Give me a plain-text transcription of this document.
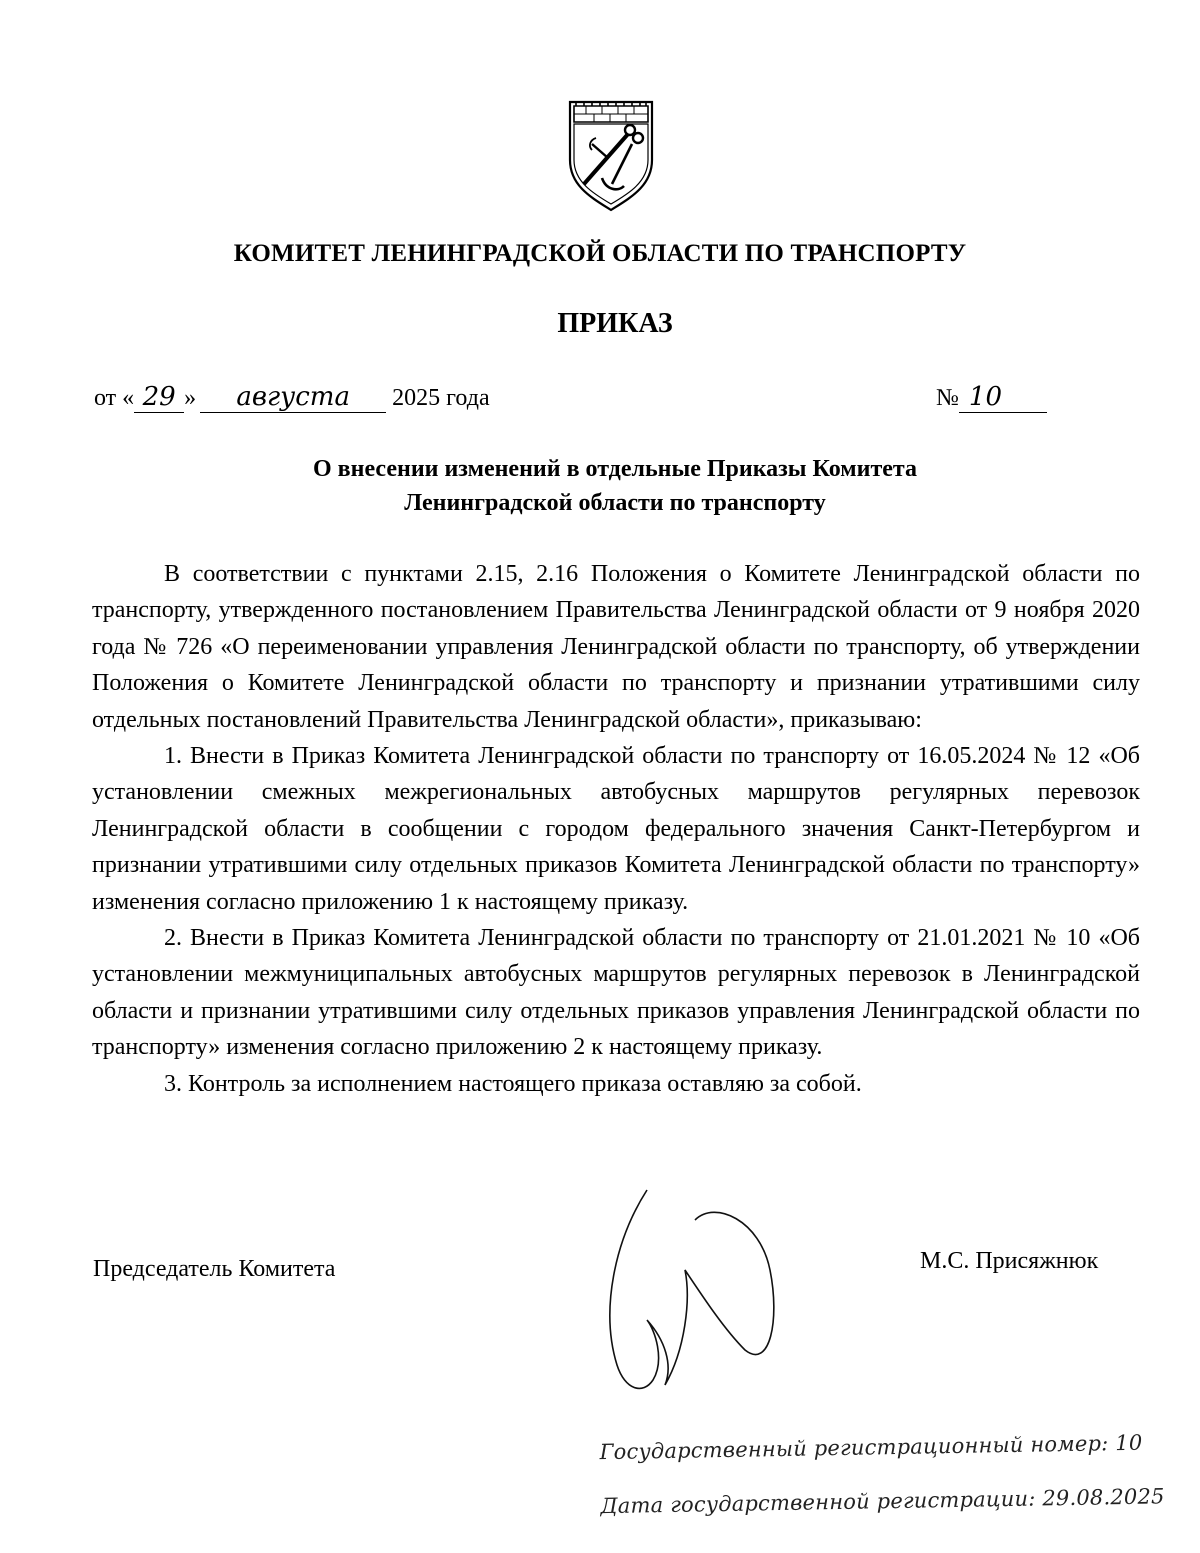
КОМИТЕТ ЛЕНИНГРАДСКОЙ ОБЛАСТИ ПО ТРАНСПОРТУ
ПРИКАЗ
от « 29 » августа 2025 года	№ 10
О внесении изменений в отдельные Приказы Комитета
Ленинградской области по транспорту

В соответствии с пунктами 2.15, 2.16 Положения о Комитете Ленинградской области по транспорту, утвержденного постановлением Правительства Ленинградской области от 9 ноября 2020 года № 726 «О переименовании управления Ленинградской области по транспорту, об утверждении Положения о Комитете Ленинградской области по транспорту и признании утратившими силу отдельных постановлений Правительства Ленинградской области», приказываю:

1. Внести в Приказ Комитета Ленинградской области по транспорту от 16.05.2024 № 12 «Об установлении смежных межрегиональных автобусных маршрутов регулярных перевозок Ленинградской области в сообщении с городом федерального значения Санкт-Петербургом и признании утратившими силу отдельных приказов Комитета Ленинградской области по транспорту» изменения согласно приложению 1 к настоящему приказу.

2. Внести в Приказ Комитета Ленинградской области по транспорту от 21.01.2021 № 10 «Об установлении межмуниципальных автобусных маршрутов регулярных перевозок в Ленинградской области и признании утратившими силу отдельных приказов управления Ленинградской области по транспорту» изменения согласно приложению 2 к настоящему приказу.

3. Контроль за исполнением настоящего приказа оставляю за собой.

Председатель Комитета	М.С. Присяжнюк
Государственный регистрационный номер: 10
Дата государственной регистрации: 29.08.2025
